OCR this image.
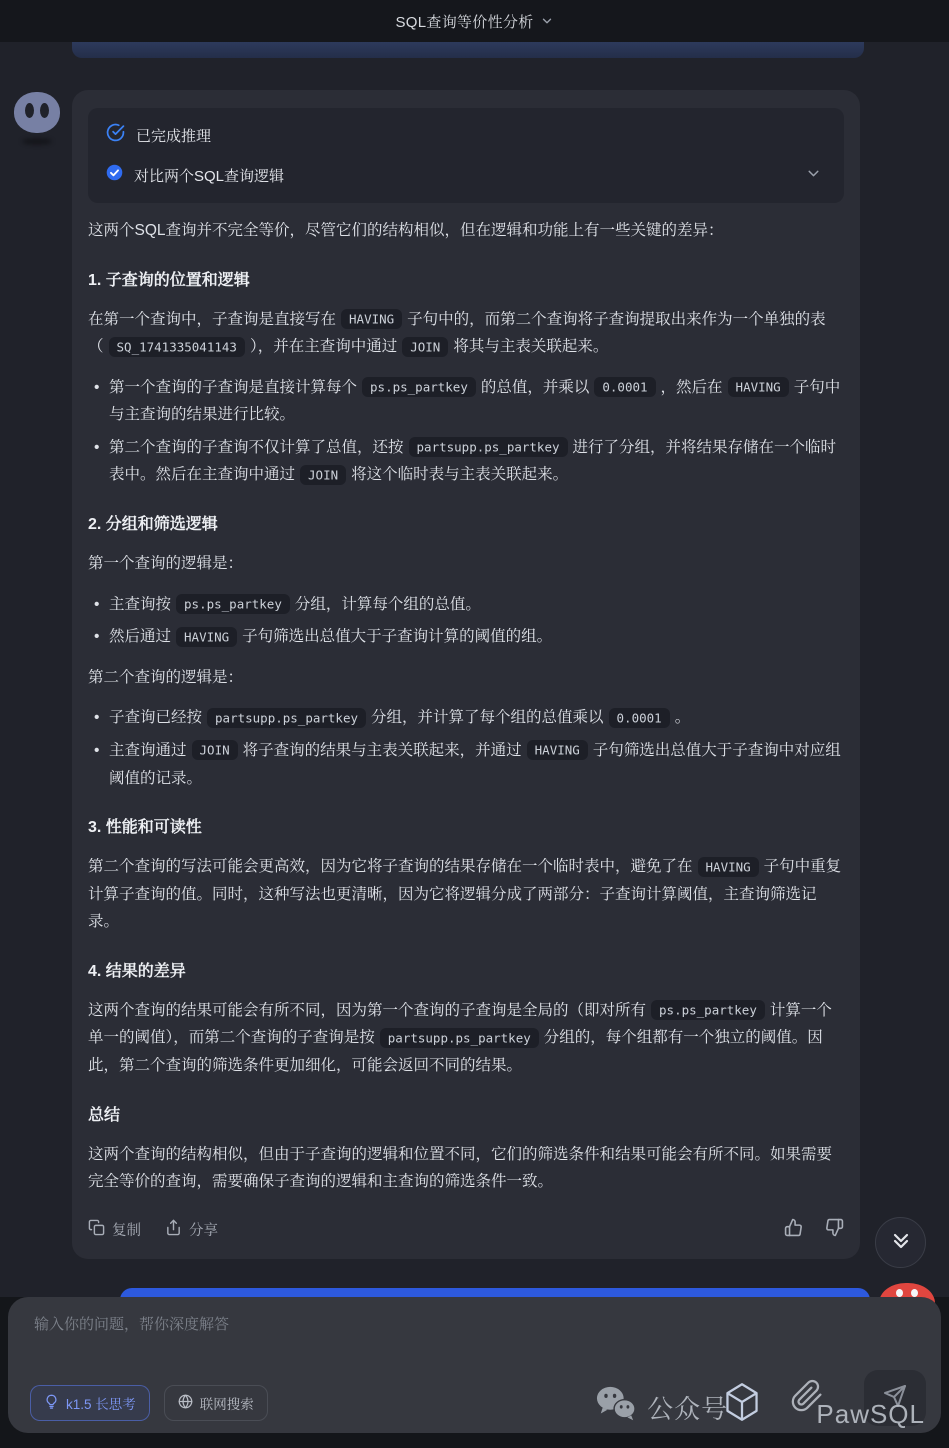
已完成推理
对比两个SQL查询逻辑

这两个SQL查询并不完全等价，尽管它们的结构相似，但在逻辑和功能上有一些关键的差异：

1. 子查询的位置和逻辑

在第一个查询中，子查询是直接写在 HAVING 子句中的，而第二个查询将子查询提取出来作为一个单独的表（ SQ_1741335041143 ），并在主查询中通过 JOIN 将其与主表关联起来。

• 第一个查询的子查询是直接计算每个 ps.ps_partkey 的总值，并乘以 0.0001 ，然后在 HAVING 子句中与主查询的结果进行比较。
• 第二个查询的子查询不仅计算了总值，还按 partsupp.ps_partkey 进行了分组，并将结果存储在一个临时表中。然后在主查询中通过 JOIN 将这个临时表与主表关联起来。
2. 分组和筛选逻辑

第一个查询的逻辑是：

• 主查询按 ps.ps_partkey 分组，计算每个组的总值。
• 然后通过 HAVING 子句筛选出总值大于子查询计算的阈值的组。

第二个查询的逻辑是：

• 子查询已经按 partsupp.ps_partkey 分组，并计算了每个组的总值乘以 0.0001 。
• 主查询通过 JOIN 将子查询的结果与主表关联起来，并通过 HAVING 子句筛选出总值大于子查询中对应组阈值的记录。
3. 性能和可读性

第二个查询的写法可能会更高效，因为它将子查询的结果存储在一个临时表中，避免了在 HAVING 子句中重复计算子查询的值。同时，这种写法也更清晰，因为它将逻辑分成了两部分：子查询计算阈值，主查询筛选记录。

4. 结果的差异

这两个查询的结果可能会有所不同，因为第一个查询的子查询是全局的（即对所有 ps.ps_partkey 计算一个单一的阈值），而第二个查询的子查询是按 partsupp.ps_partkey 分组的，每个组都有一个独立的阈值。因此，第二个查询的筛选条件更加细化，可能会返回不同的结果。

总结

这两个查询的结构相似，但由于子查询的逻辑和位置不同，它们的筛选条件和结果可能会有所不同。如果需要完全等价的查询，需要确保子查询的逻辑和主查询的筛选条件一致。

复制	分享
SQL查询等价性分析
输入你的问题，帮你深度解答
k1.5 长思考	联网搜索	公众号	PawSQL
